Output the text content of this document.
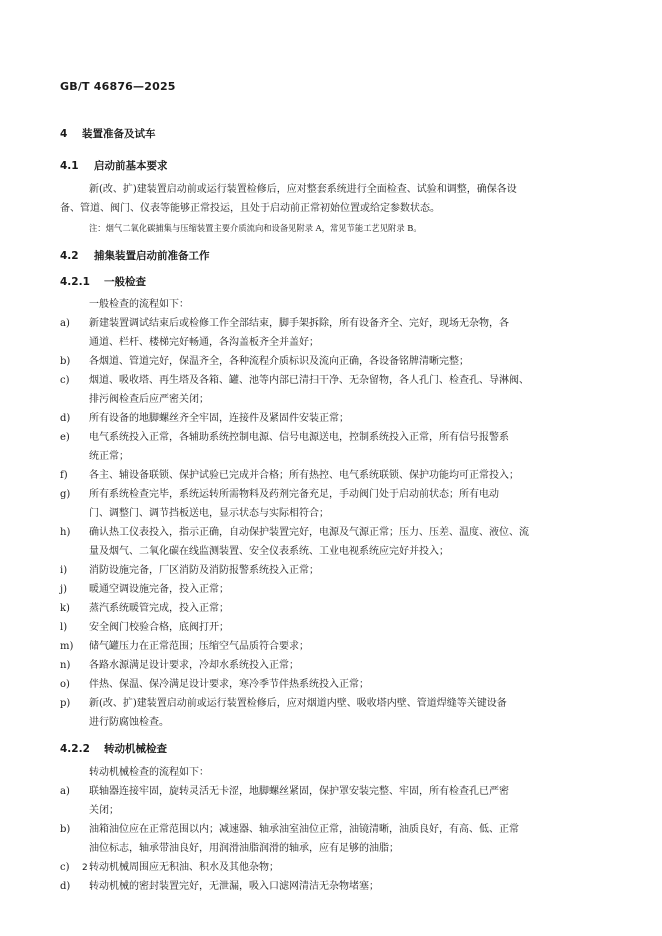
GB/T 46876—2025
4 装置准备及试车
4.1 启动前基本要求
新(改、扩)建装置启动前或运行装置检修后，应对整套系统进行全面检查、试验和调整，确保各设
备、管道、阀门、仪表等能够正常投运，且处于启动前正常初始位置或给定参数状态。
注：烟气二氧化碳捕集与压缩装置主要介质流向和设备见附录 A，常见节能工艺见附录 B。
4.2 捕集装置启动前准备工作
4.2.1 一般检查
一般检查的流程如下：
a)	新建装置调试结束后或检修工作全部结束，脚手架拆除，所有设备齐全、完好，现场无杂物，各
通道、栏杆、楼梯完好畅通，各沟盖板齐全并盖好；
b)	各烟道、管道完好，保温齐全，各种流程介质标识及流向正确，各设备铭牌清晰完整；
c)	烟道、吸收塔、再生塔及各箱、罐、池等内部已清扫干净、无杂留物，各人孔门、检查孔、导淋阀、
排污阀检查后应严密关闭；
d)	所有设备的地脚螺丝齐全牢固，连接件及紧固件安装正常；
e)	电气系统投入正常，各辅助系统控制电源、信号电源送电，控制系统投入正常，所有信号报警系
统正常；
f)	各主、辅设备联锁、保护试验已完成并合格；所有热控、电气系统联锁、保护功能均可正常投入；
g)	所有系统检查完毕，系统运转所需物料及药剂完备充足，手动阀门处于启动前状态；所有电动
门、调整门、调节挡板送电，显示状态与实际相符合；
h)	确认热工仪表投入，指示正确，自动保护装置完好，电源及气源正常；压力、压差、温度、液位、流
量及烟气、二氧化碳在线监测装置、安全仪表系统、工业电视系统应完好并投入；
i)	消防设施完备，厂区消防及消防报警系统投入正常；
j)	暖通空调设施完备，投入正常；
k)	蒸汽系统暖管完成，投入正常；
l)	安全阀门校验合格，底阀打开；
m)	储气罐压力在正常范围；压缩空气品质符合要求；
n)	各路水源满足设计要求，冷却水系统投入正常；
o)	伴热、保温、保冷满足设计要求，寒冷季节伴热系统投入正常；
p)	新(改、扩)建装置启动前或运行装置检修后，应对烟道内壁、吸收塔内壁、管道焊缝等关键设备
进行防腐蚀检查。
4.2.2 转动机械检查
转动机械检查的流程如下：
a)	联轴器连接牢固，旋转灵活无卡涩，地脚螺丝紧固，保护罩安装完整、牢固，所有检查孔已严密
关闭；
b)	油箱油位应在正常范围以内；减速器、轴承油室油位正常，油镜清晰，油质良好，有高、低、正常
油位标志，轴承带油良好，用润滑油脂润滑的轴承，应有足够的油脂；
c)	转动机械周围应无积油、积水及其他杂物；
d)	转动机械的密封装置完好，无泄漏，吸入口滤网清洁无杂物堵塞；
2
